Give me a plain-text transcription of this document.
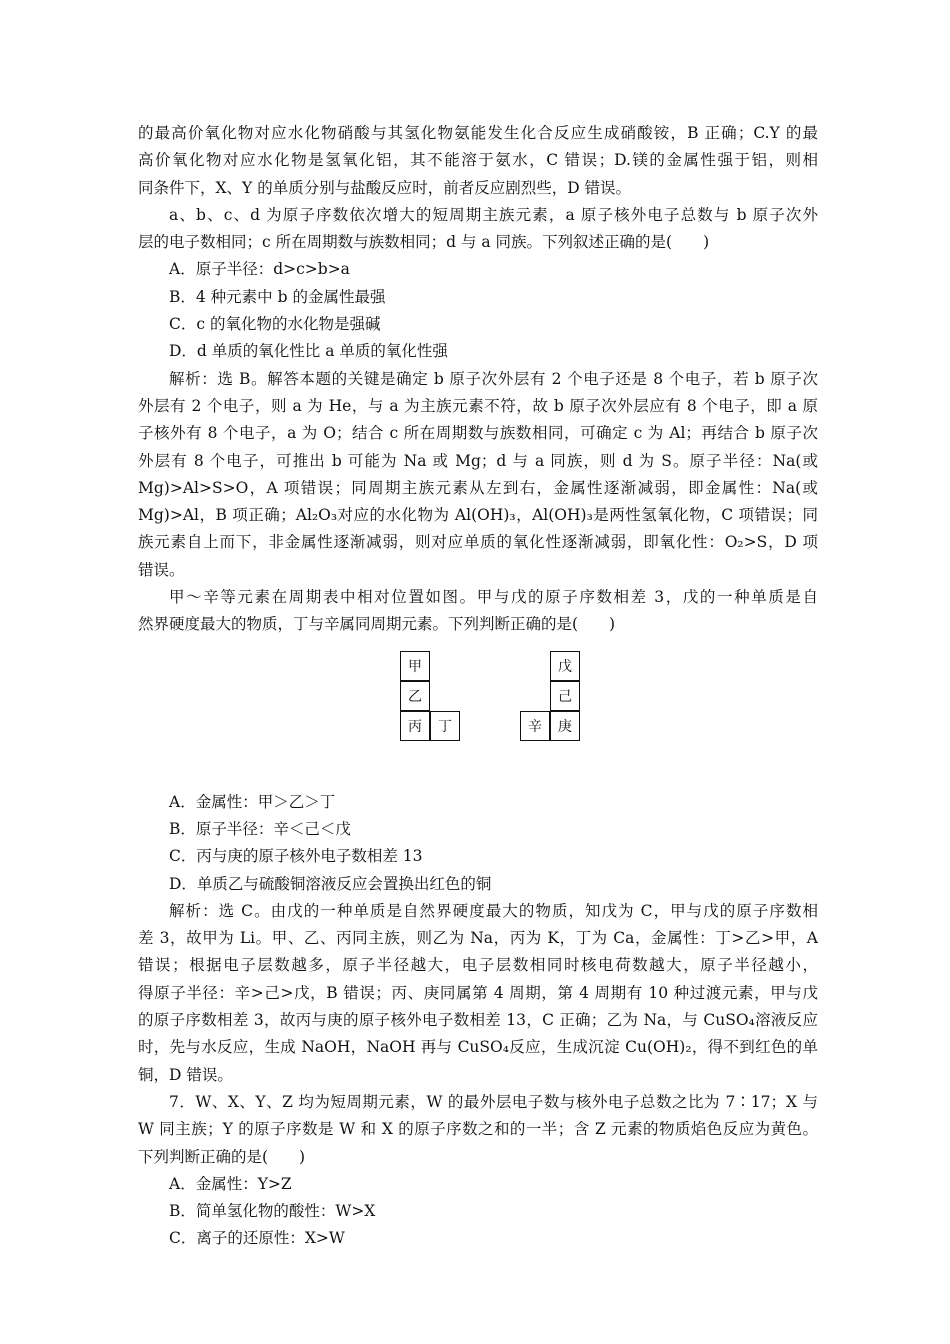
的最高价氧化物对应水化物硝酸与其氢化物氨能发生化合反应生成硝酸铵，B 正确；C.Y 的最
高价氧化物对应水化物是氢氧化铝，其不能溶于氨水，C 错误；D.镁的金属性强于铝，则相
同条件下，X、Y 的单质分别与盐酸反应时，前者反应剧烈些，D 错误。
a、b、c、d 为原子序数依次增大的短周期主族元素，a 原子核外电子总数与 b 原子次外
层的电子数相同；c 所在周期数与族数相同；d 与 a 同族。下列叙述正确的是(　　)
A．原子半径：d>c>b>a
B．4 种元素中 b 的金属性最强
C．c 的氧化物的水化物是强碱
D．d 单质的氧化性比 a 单质的氧化性强
解析：选 B。解答本题的关键是确定 b 原子次外层有 2 个电子还是 8 个电子，若 b 原子次
外层有 2 个电子，则 a 为 He，与 a 为主族元素不符，故 b 原子次外层应有 8 个电子，即 a 原
子核外有 8 个电子，a 为 O；结合 c 所在周期数与族数相同，可确定 c 为 Al；再结合 b 原子次
外层有 8 个电子，可推出 b 可能为 Na 或 Mg；d 与 a 同族，则 d 为 S。原子半径：Na(或
Mg)>Al>S>O，A 项错误；同周期主族元素从左到右，金属性逐渐减弱，即金属性：Na(或
Mg)>Al，B 项正确；Al₂O₃对应的水化物为 Al(OH)₃，Al(OH)₃是两性氢氧化物，C 项错误；同
族元素自上而下，非金属性逐渐减弱，则对应单质的氧化性逐渐减弱，即氧化性：O₂>S，D 项
错误。
甲～辛等元素在周期表中相对位置如图。甲与戊的原子序数相差 3，戊的一种单质是自
然界硬度最大的物质，丁与辛属同周期元素。下列判断正确的是(　　)
甲
乙
丙	丁
戊
己
庚
辛
A．金属性：甲＞乙＞丁
B．原子半径：辛＜己＜戊
C．丙与庚的原子核外电子数相差 13
D．单质乙与硫酸铜溶液反应会置换出红色的铜
解析：选 C。由戊的一种单质是自然界硬度最大的物质，知戊为 C，甲与戊的原子序数相
差 3，故甲为 Li。甲、乙、丙同主族，则乙为 Na，丙为 K，丁为 Ca，金属性：丁>乙>甲，A
错误；根据电子层数越多，原子半径越大，电子层数相同时核电荷数越大，原子半径越小，
得原子半径：辛>己>戊，B 错误；丙、庚同属第 4 周期，第 4 周期有 10 种过渡元素，甲与戊
的原子序数相差 3，故丙与庚的原子核外电子数相差 13，C 正确；乙为 Na，与 CuSO₄溶液反应
时，先与水反应，生成 NaOH，NaOH 再与 CuSO₄反应，生成沉淀 Cu(OH)₂，得不到红色的单
铜，D 错误。
7．W、X、Y、Z 均为短周期元素，W 的最外层电子数与核外电子总数之比为 7∶17；X 与
W 同主族；Y 的原子序数是 W 和 X 的原子序数之和的一半；含 Z 元素的物质焰色反应为黄色。
下列判断正确的是(　　)
A．金属性：Y>Z
B．简单氢化物的酸性：W>X
C．离子的还原性：X>W
